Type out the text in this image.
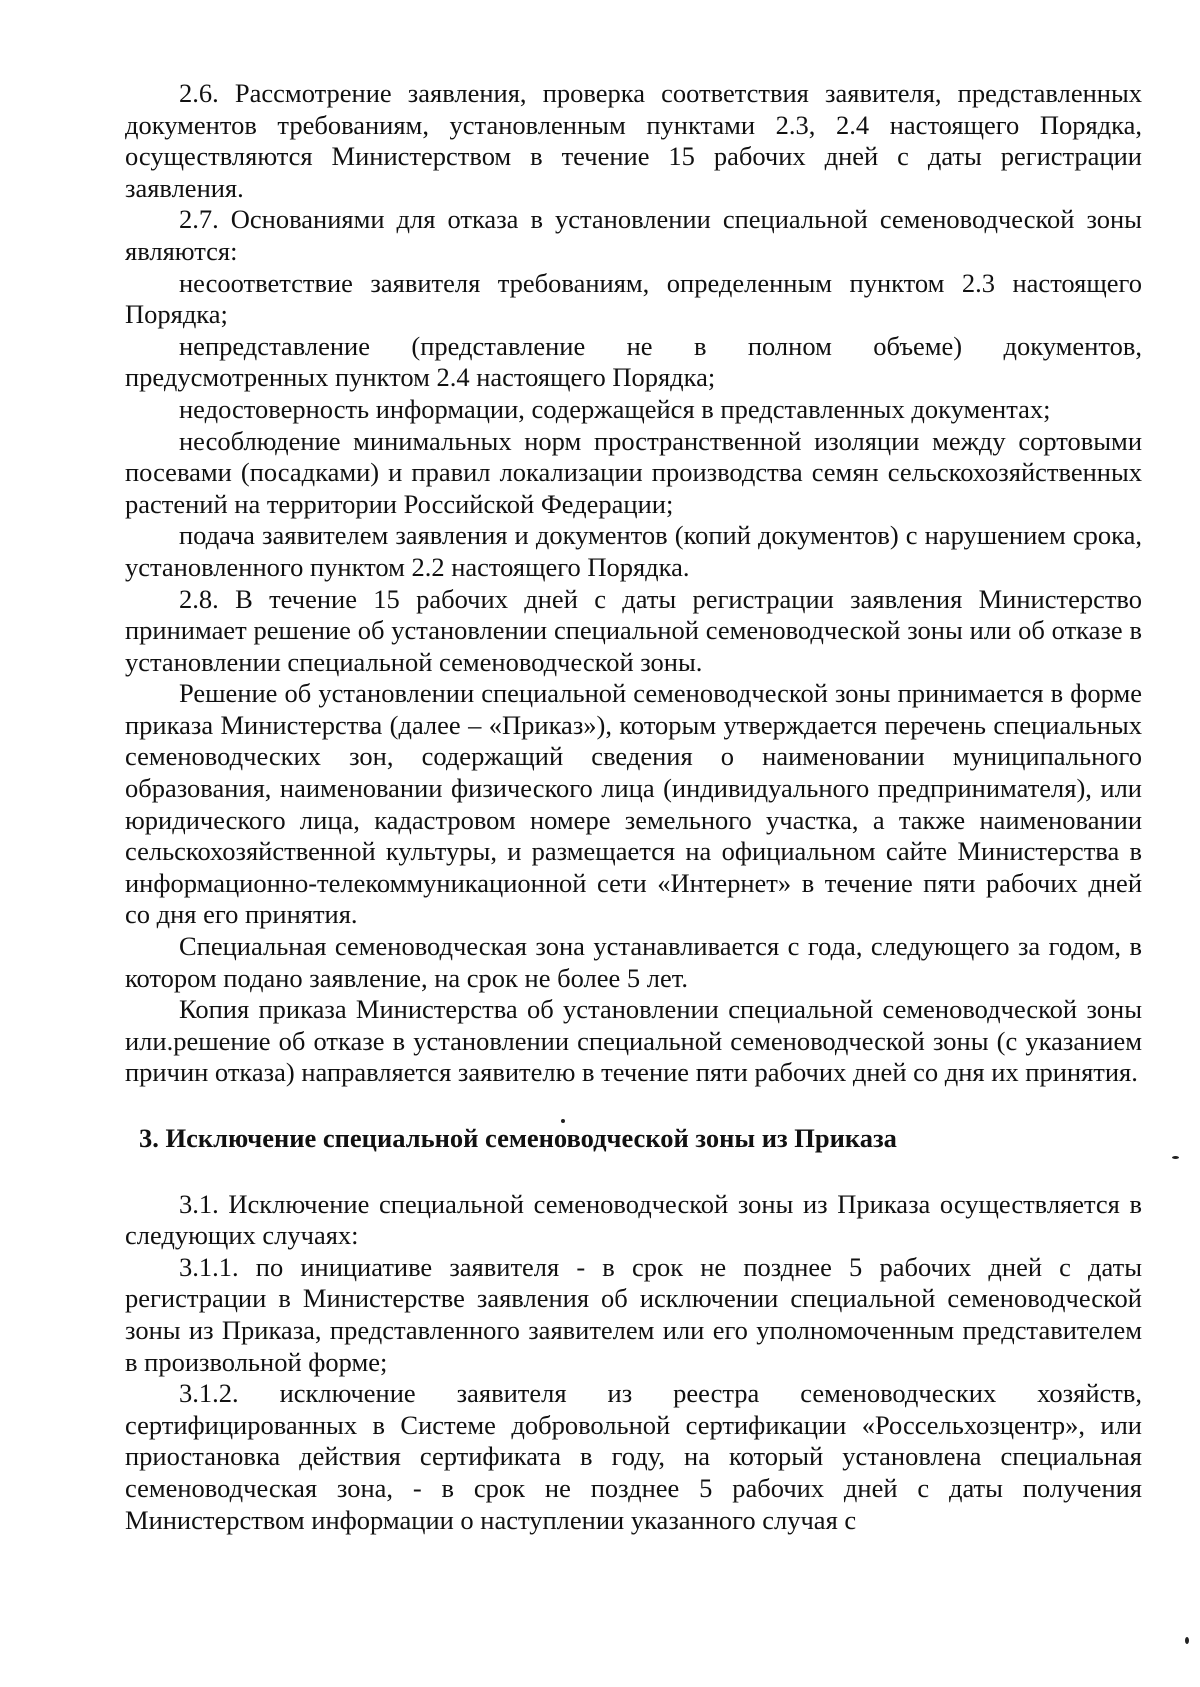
2.6. Рассмотрение заявления, проверка соответствия заявителя, представленных документов требованиям, установленным пунктами 2.3, 2.4 настоящего Порядка, осуществляются Министерством в течение 15 рабочих дней с даты регистрации заявления.

2.7. Основаниями для отказа в установлении специальной семеноводческой зоны являются:

несоответствие заявителя требованиям, определенным пунктом 2.3 настоящего Порядка;

непредставление (представление не в полном объеме) документов, предусмотренных пунктом 2.4 настоящего Порядка;

недостоверность информации, содержащейся в представленных документах;

несоблюдение минимальных норм пространственной изоляции между сортовыми посевами (посадками) и правил локализации производства семян сельскохозяйственных растений на территории Российской Федерации;

подача заявителем заявления и документов (копий документов) с нарушением срока, установленного пунктом 2.2 настоящего Порядка.

2.8. В течение 15 рабочих дней с даты регистрации заявления Министерство принимает решение об установлении специальной семеноводческой зоны или об отказе в установлении специальной семеноводческой зоны.

Решение об установлении специальной семеноводческой зоны принимается в форме приказа Министерства (далее – «Приказ»), которым утверждается перечень специальных семеноводческих зон, содержащий сведения о наименовании муниципального образования, наименовании физического лица (индивидуального предпринимателя), или юридического лица, кадастровом номере земельного участка, а также наименовании сельскохозяйственной культуры, и размещается на официальном сайте Министерства в информационно-телекоммуникационной сети «Интернет» в течение пяти рабочих дней со дня его принятия.

Специальная семеноводческая зона устанавливается с года, следующего за годом, в котором подано заявление, на срок не более 5 лет.

Копия приказа Министерства об установлении специальной семеноводческой зоны или.решение об отказе в установлении специальной семеноводческой зоны (с указанием причин отказа) направляется заявителю в течение пяти рабочих дней со дня их принятия.

3. Исключение специальной семеноводческой зоны из Приказа

3.1. Исключение специальной семеноводческой зоны из Приказа осуществляется в следующих случаях:

3.1.1. по инициативе заявителя - в срок не позднее 5 рабочих дней с даты регистрации в Министерстве заявления об исключении специальной семеноводческой зоны из Приказа, представленного заявителем или его уполномоченным представителем в произвольной форме;

3.1.2. исключение заявителя из реестра семеноводческих хозяйств, сертифицированных в Системе добровольной сертификации «Россельхозцентр», или приостановка действия сертификата в году, на который установлена специальная семеноводческая зона, - в срок не позднее 5 рабочих дней с даты получения Министерством информации о наступлении указанного случая с
